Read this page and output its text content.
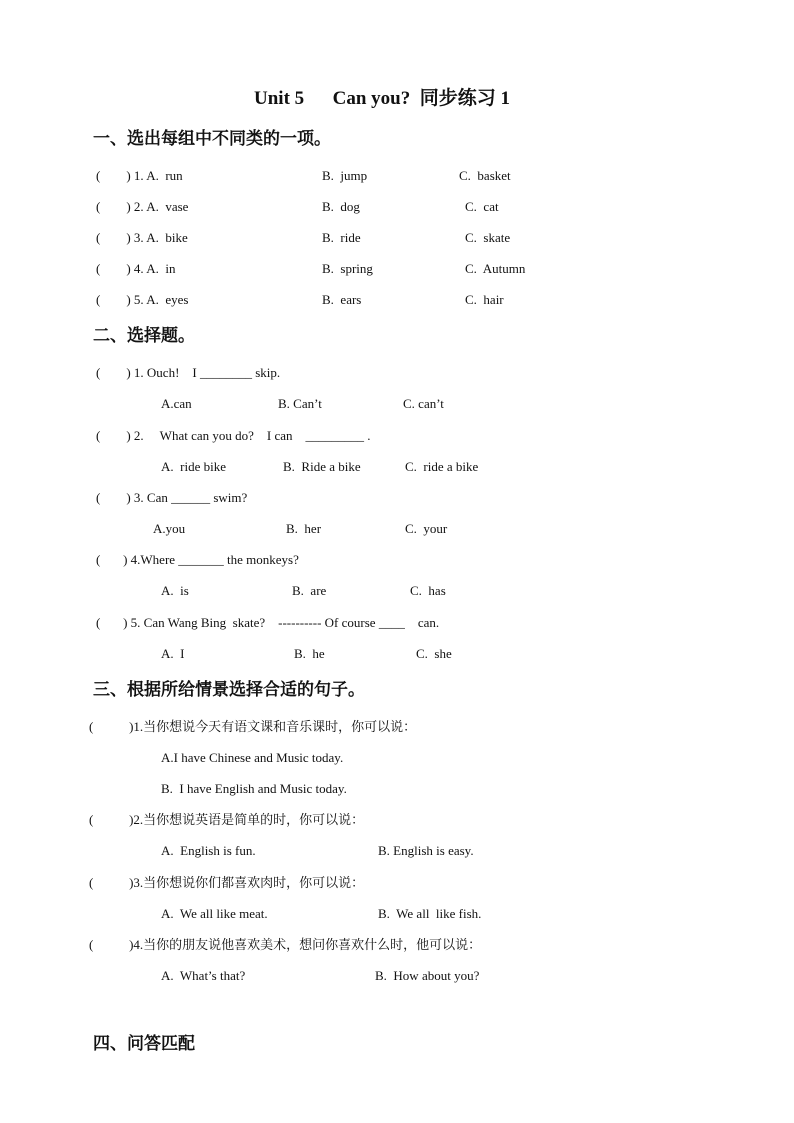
Unit 5      Can you?  同步练习 1
一、选出每组中不同类的一项。
(        ) 1. A.  run	B.  jump	C.  basket
(        ) 2. A.  vase	B.  dog	C.  cat
(        ) 3. A.  bike	B.  ride	C.  skate
(        ) 4. A.  in	B.  spring	C.  Autumn
(        ) 5. A.  eyes	B.  ears	C.  hair
二、选择题。
(        ) 1. Ouch!    I ________ skip.
A.can	B. Can’t	C. can’t
(        ) 2.     What can you do?    I can    _________ .
A.  ride bike	B.  Ride a bike	C.  ride a bike
(        ) 3. Can ______ swim?
A.you	B.  her	C.  your
(       ) 4.Where _______ the monkeys?
A.  is	B.  are	C.  has
(       ) 5. Can Wang Bing  skate?    ---------- Of course ____    can.
A.  I	B.  he	C.  she
三、根据所给情景选择合适的句子。
(           )1.当你想说今天有语文课和音乐课时，你可以说：
A.I have Chinese and Music today.
B.  I have English and Music today.
(           )2.当你想说英语是简单的时，你可以说：
A.  English is fun.	B. English is easy.
(           )3.当你想说你们都喜欢肉时，你可以说：
A.  We all like meat.	B.  We all  like fish.
(           )4.当你的朋友说他喜欢美术，想问你喜欢什么时，他可以说：
A.  What’s that?	B.  How about you?
四、问答匹配
